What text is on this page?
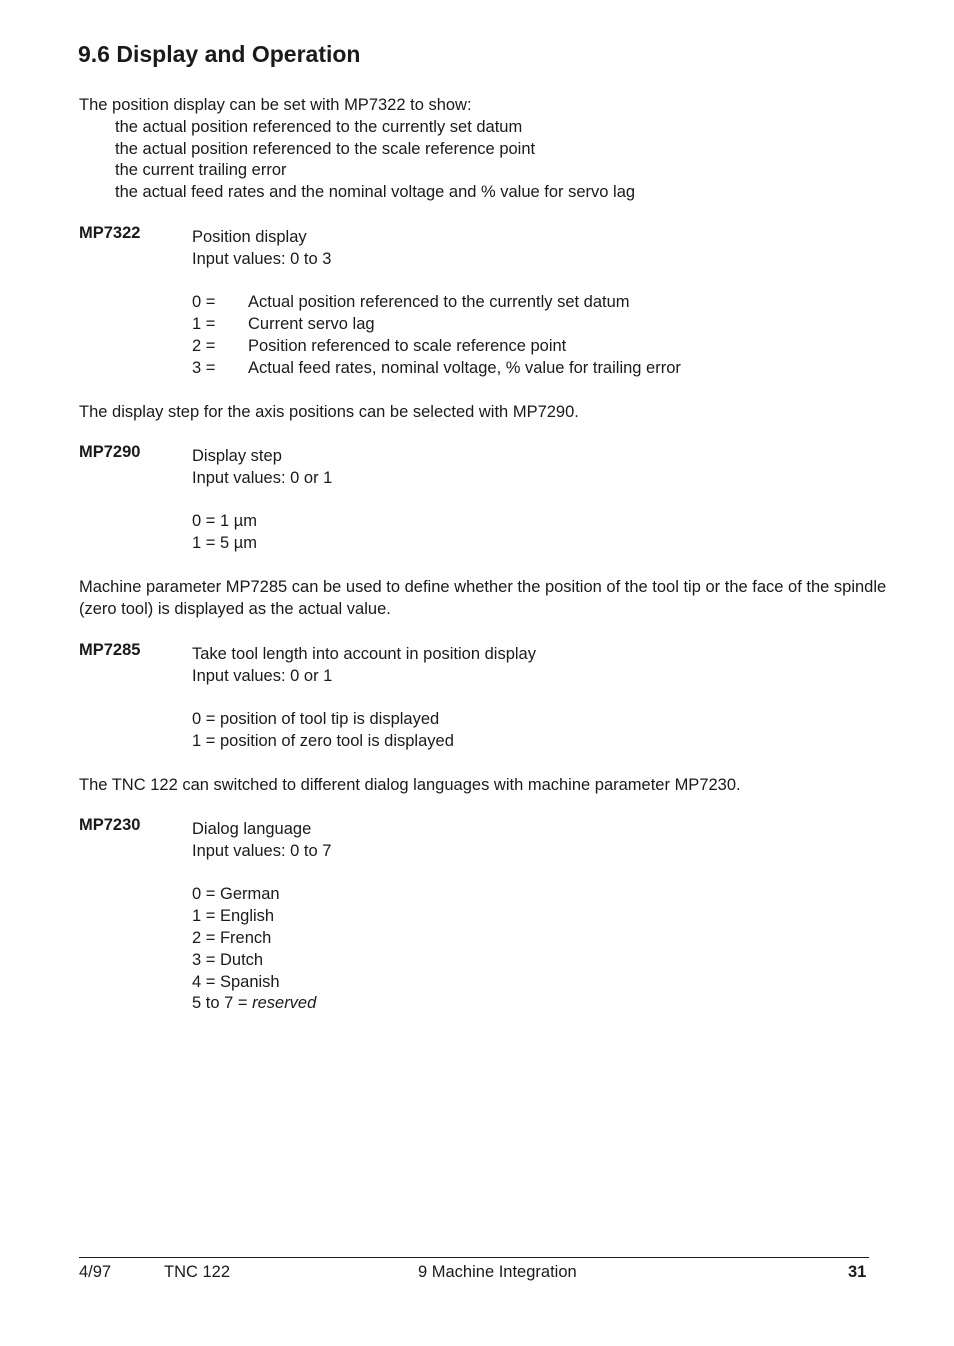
9.6 Display and Operation
The position display can be set with MP7322 to show:
the actual position referenced to the currently set datum
the actual position referenced to the scale reference point
the current trailing error
the actual feed rates and the nominal voltage and % value for servo lag
MP7322	Position display
Input values: 0 to 3
0 =	Actual position referenced to the currently set datum
1 =	Current servo lag
2 =	Position referenced to scale reference point
3 =	Actual feed rates, nominal voltage, % value for trailing error
The display step for the axis positions can be selected with MP7290.
MP7290	Display step
Input values: 0 or 1
0 = 1 µm
1 = 5 µm
Machine parameter MP7285 can be used to define whether the position of the tool tip or the face of the spindle (zero tool) is displayed as the actual value.
MP7285	Take tool length into account in position display
Input values: 0 or 1
0 = position of tool tip is displayed
1 = position of zero tool is displayed
The TNC 122 can switched to different dialog languages with machine parameter MP7230.
MP7230	Dialog language
Input values: 0 to 7
0 = German
1 = English
2 = French
3 = Dutch
4 = Spanish
5 to 7 = reserved
4/97	TNC 122	9 Machine Integration	31
